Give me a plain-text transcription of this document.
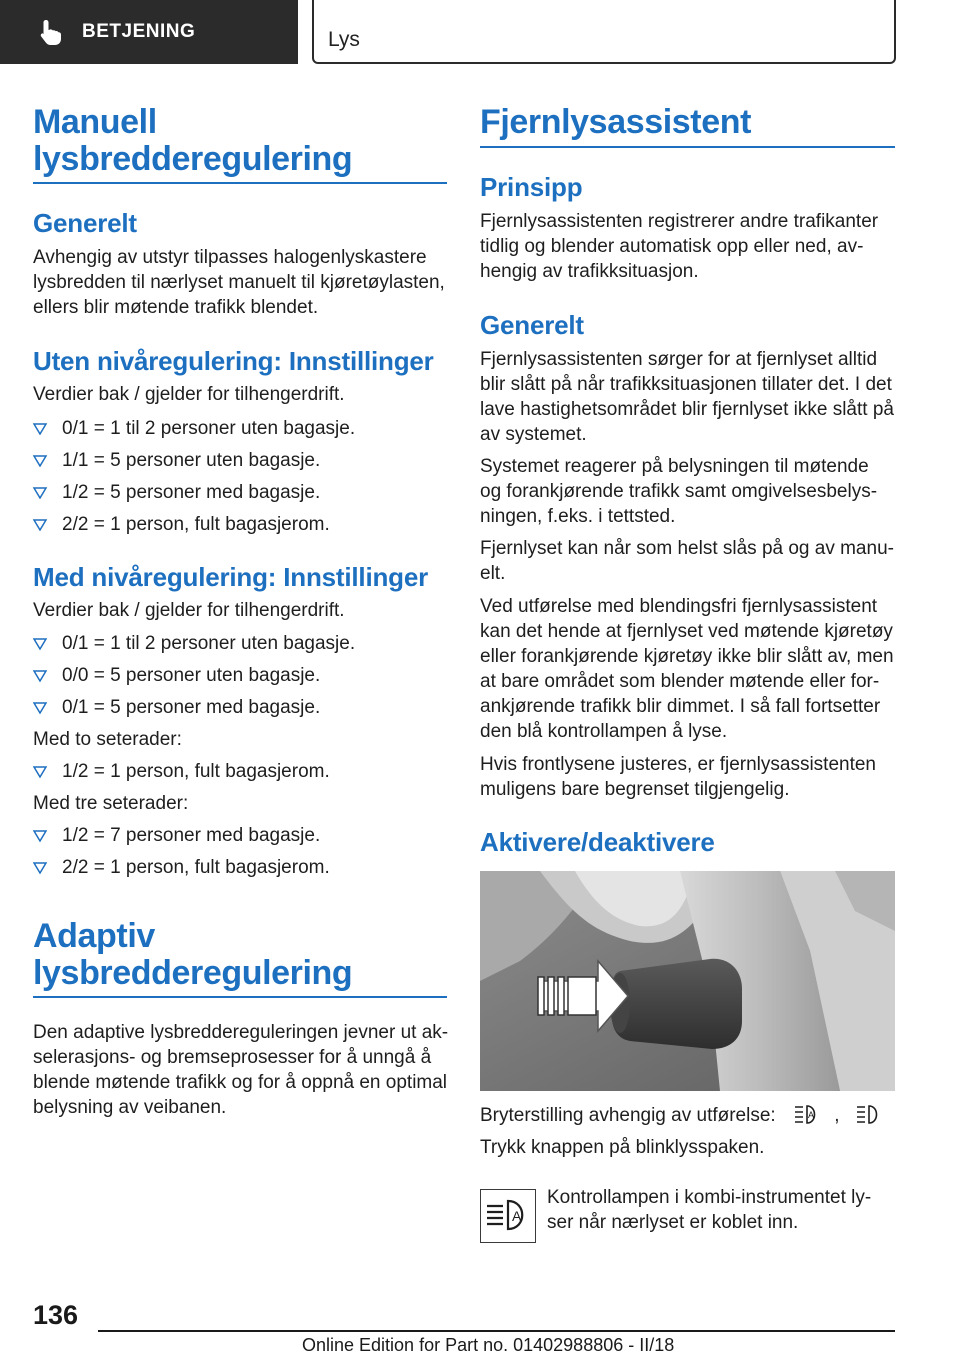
BETJENING	Lys
Manuell
lysbredderegulering
Generelt
Avhengig av utstyr tilpasses halogenlyskastere
lysbredden til nærlyset manuelt til kjøretøylasten,
ellers blir møtende trafikk blendet.
Uten nivåregulering: Innstillinger
Verdier bak / gjelder for tilhengerdrift.
0/1 = 1 til 2 personer uten bagasje.
1/1 = 5 personer uten bagasje.
1/2 = 5 personer med bagasje.
2/2 = 1 person, fult bagasjerom.
Med nivåregulering: Innstillinger
Verdier bak / gjelder for tilhengerdrift.
0/1 = 1 til 2 personer uten bagasje.
0/0 = 5 personer uten bagasje.
0/1 = 5 personer med bagasje.
Med to seterader:
1/2 = 1 person, fult bagasjerom.
Med tre seterader:
1/2 = 7 personer med bagasje.
2/2 = 1 person, fult bagasjerom.
Adaptiv
lysbredderegulering
Den adaptive lysbreddereguleringen jevner ut ak-
selerasjons- og bremseprosesser for å unngå å
blende møtende trafikk og for å oppnå en optimal
belysning av veibanen.
Fjernlysassistent
Prinsipp
Fjernlysassistenten registrerer andre trafikanter
tidlig og blender automatisk opp eller ned, av-
hengig av trafikksituasjon.
Generelt
Fjernlysassistenten sørger for at fjernlyset alltid
blir slått på når trafikksituasjonen tillater det. I det
lave hastighetsområdet blir fjernlyset ikke slått på
av systemet.
Systemet reagerer på belysningen til møtende
og forankjørende trafikk samt omgivelsesbelys-
ningen, f.eks. i tettsted.
Fjernlyset kan når som helst slås på og av manu-
elt.
Ved utførelse med blendingsfri fjernlysassistent
kan det hende at fjernlyset ved møtende kjøretøy
eller forankjørende kjøretøy ikke blir slått av, men
at bare området som blender møtende eller for-
ankjørende trafikk blir dimmet. I så fall fortsetter
den blå kontrollampen å lyse.
Hvis frontlysene justeres, er fjernlysassistenten
muligens bare begrenset tilgjengelig.
Aktivere/deaktivere
Bryterstilling avhengig av utførelse:	A ,
Trykk knappen på blinklysspaken.
A
Kontrollampen i kombi-instrumentet ly-
ser når nærlyset er koblet inn.
136
Online Edition for Part no. 01402988806 - II/18
